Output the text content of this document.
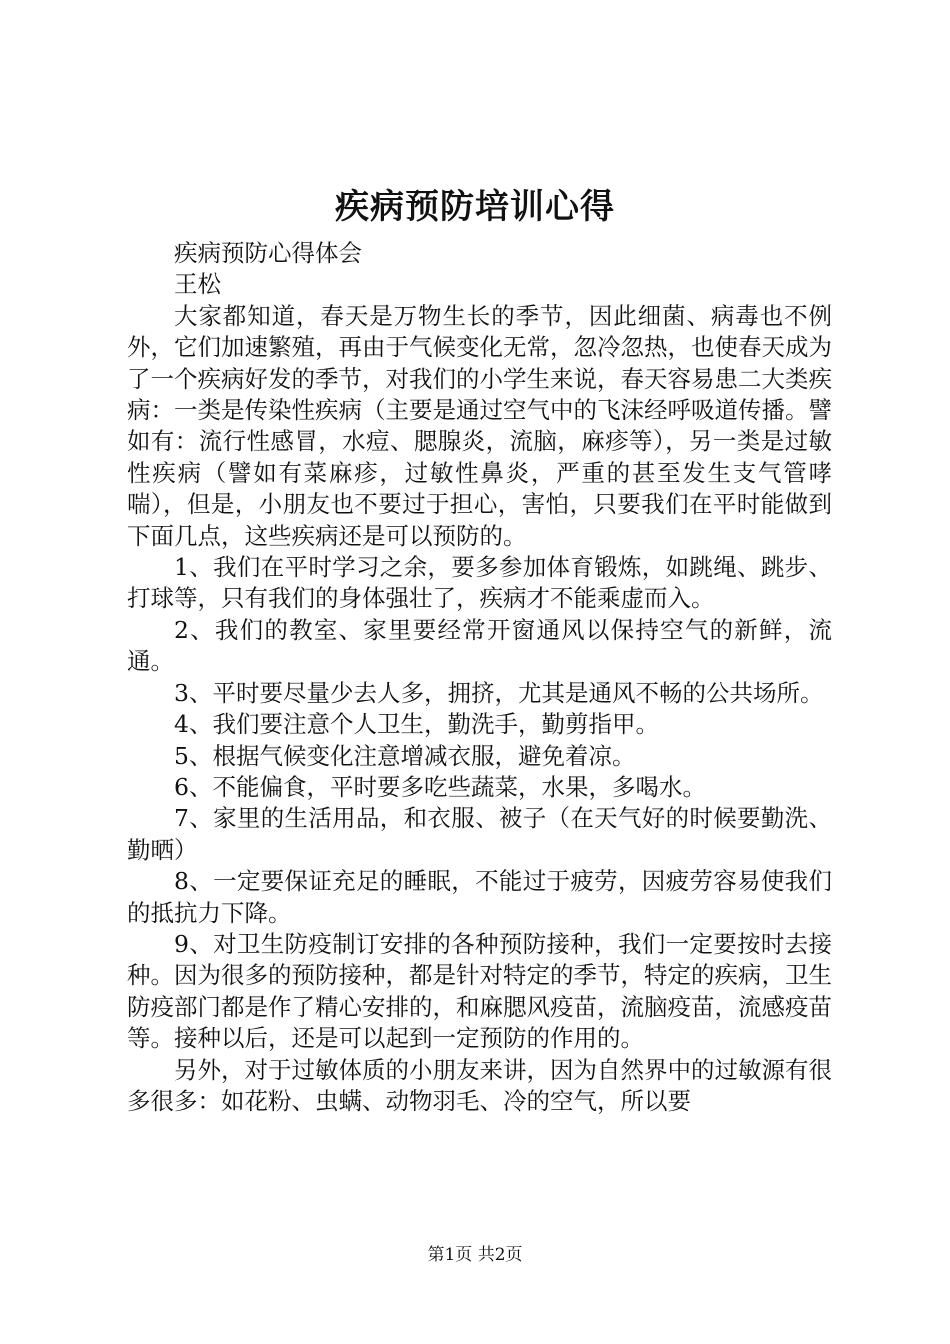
疾病预防培训心得

疾病预防心得体会

王松

大家都知道，春天是万物生长的季节，因此细菌、病毒也不例外，它们加速繁殖，再由于气候变化无常，忽冷忽热，也使春天成为了一个疾病好发的季节，对我们的小学生来说，春天容易患二大类疾病：一类是传染性疾病（主要是通过空气中的飞沫经呼吸道传播。譬如有：流行性感冒，水痘、腮腺炎，流脑，麻疹等），另一类是过敏性疾病（譬如有菜麻疹，过敏性鼻炎，严重的甚至发生支气管哮喘），但是，小朋友也不要过于担心，害怕，只要我们在平时能做到下面几点，这些疾病还是可以预防的。

1、我们在平时学习之余，要多参加体育锻炼，如跳绳、跳步、打球等，只有我们的身体强壮了，疾病才不能乘虚而入。

2、我们的教室、家里要经常开窗通风以保持空气的新鲜，流通。

3、平时要尽量少去人多，拥挤，尤其是通风不畅的公共场所。

4、我们要注意个人卫生，勤洗手，勤剪指甲。

5、根据气候变化注意增减衣服，避免着凉。

6、不能偏食，平时要多吃些蔬菜，水果，多喝水。

7、家里的生活用品，和衣服、被子（在天气好的时候要勤洗、勤晒）

8、一定要保证充足的睡眠，不能过于疲劳，因疲劳容易使我们的抵抗力下降。

9、对卫生防疫制订安排的各种预防接种，我们一定要按时去接种。因为很多的预防接种，都是针对特定的季节，特定的疾病，卫生防疫部门都是作了精心安排的，和麻腮风疫苗，流脑疫苗，流感疫苗等。接种以后，还是可以起到一定预防的作用的。

另外，对于过敏体质的小朋友来讲，因为自然界中的过敏源有很多很多：如花粉、虫螨、动物羽毛、冷的空气，所以要

第1页 共2页
